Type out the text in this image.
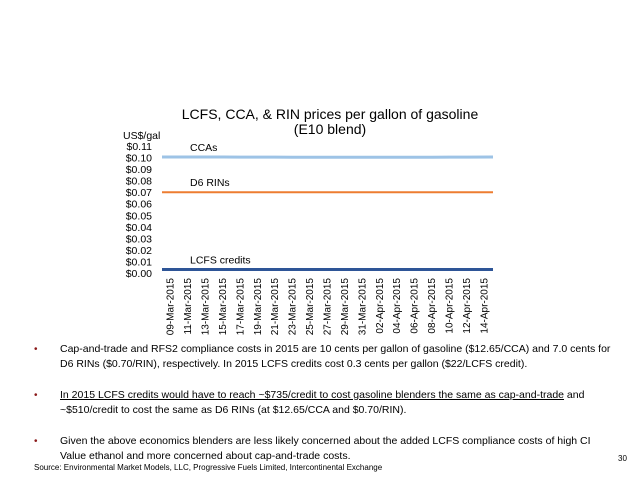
LCFS, CCA, & RIN prices per gallon of gasoline
(E10 blend)
US$/gal
$0.00
$0.01
$0.02
$0.03
$0.04
$0.05
$0.06
$0.07
$0.08
$0.09
$0.10
$0.11
09-Mar-2015 11-Mar-2015 13-Mar-2015 15-Mar-2015 17-Mar-2015 19-Mar-2015 21-Mar-2015 23-Mar-2015 25-Mar-2015 27-Mar-2015 29-Mar-2015 31-Mar-2015 02-Apr-2015 04-Apr-2015 06-Apr-2015 08-Apr-2015 10-Apr-2015 12-Apr-2015 14-Apr-2015
CCAs
D6 RINs
LCFS credits
• Cap-and-trade and RFS2 compliance costs in 2015 are 10 cents per gallon of gasoline ($12.65/CCA) and 7.0 cents for D6 RINs ($0.70/RIN), respectively. In 2015 LCFS credits cost 0.3 cents per gallon ($22/LCFS credit).
• In 2015 LCFS credits would have to reach ~$735/credit to cost gasoline blenders the same as cap-and-trade and ~$510/credit to cost the same as D6 RINs (at $12.65/CCA and $0.70/RIN).
• Given the above economics blenders are less likely concerned about the added LCFS compliance costs of high CI Value ethanol and more concerned about cap-and-trade costs.
Source: Environmental Market Models, LLC, Progressive Fuels Limited, Intercontinental Exchange
30
